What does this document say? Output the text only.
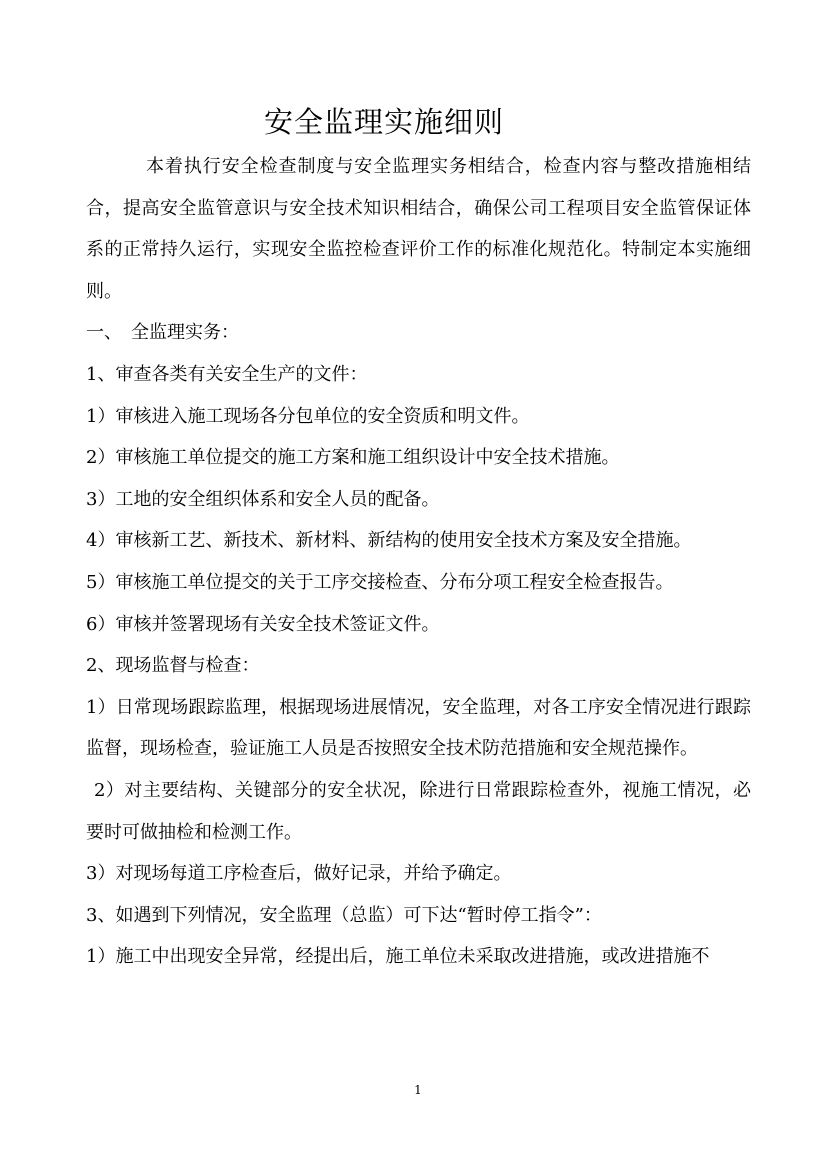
安全监理实施细则

本着执行安全检查制度与安全监理实务相结合，检查内容与整改措施相结合，提高安全监管意识与安全技术知识相结合，确保公司工程项目安全监管保证体系的正常持久运行，实现安全监控检查评价工作的标准化规范化。特制定本实施细则。

一、　全监理实务：

1、审查各类有关安全生产的文件：

1）审核进入施工现场各分包单位的安全资质和明文件。

2）审核施工单位提交的施工方案和施工组织设计中安全技术措施。

3）工地的安全组织体系和安全人员的配备。

4）审核新工艺、新技术、新材料、新结构的使用安全技术方案及安全措施。

5）审核施工单位提交的关于工序交接检查、分布分项工程安全检查报告。

6）审核并签署现场有关安全技术签证文件。

2、现场监督与检查：

1）日常现场跟踪监理，根据现场进展情况，安全监理，对各工序安全情况进行跟踪监督，现场检查，验证施工人员是否按照安全技术防范措施和安全规范操作。

2）对主要结构、关键部分的安全状况，除进行日常跟踪检查外，视施工情况，必要时可做抽检和检测工作。

3）对现场每道工序检查后，做好记录，并给予确定。

3、如遇到下列情况，安全监理（总监）可下达“暂时停工指令”：

1）施工中出现安全异常，经提出后，施工单位未采取改进措施，或改进措施不

1
